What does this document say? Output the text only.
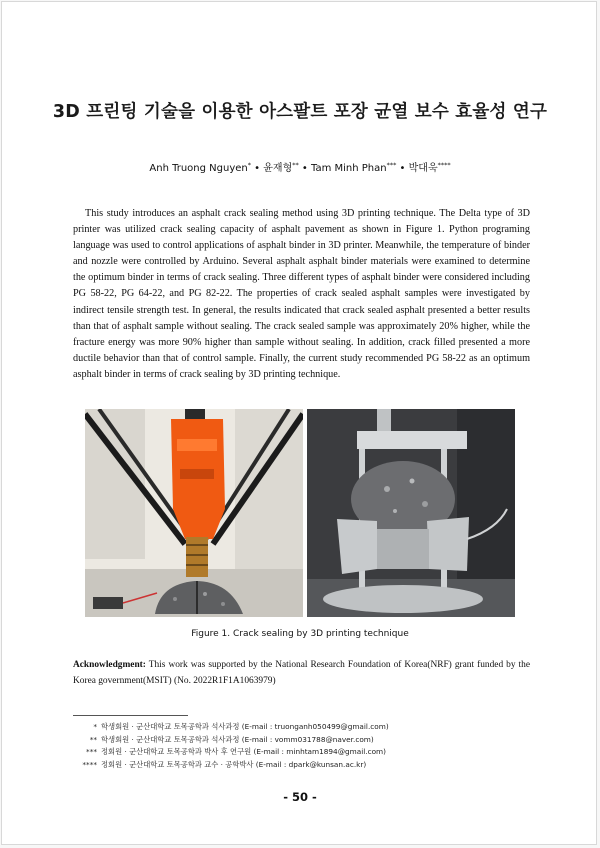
3D 프린팅 기술을 이용한 아스팔트 포장 균열 보수 효율성 연구
Anh Truong Nguyen* • 윤재형** • Tam Minh Phan*** • 박대욱****

This study introduces an asphalt crack sealing method using 3D printing technique. The Delta type of 3D printer was utilized crack sealing capacity of asphalt pavement as shown in Figure 1. Python programing language was used to control applications of asphalt binder in 3D printer. Meanwhile, the temperature of binder and nozzle were controlled by Arduino. Several asphalt asphalt binder materials were examined to determine the optimum binder in terms of crack sealing. Three different types of asphalt binder were considered including PG 58-22, PG 64-22, and PG 82-22. The properties of crack sealed asphalt samples were investigated by indirect tensile strength test. In general, the results indicated that crack sealed asphalt presented a better results than that of asphalt sample without sealing. The crack sealed sample was approximately 20% higher, while the fracture energy was more 90% higher than sample without sealing. In addition, crack filled presented a more ductile behavior than that of control sample. Finally, the current study recommended PG 58-22 as an optimum asphalt binder in terms of crack sealing by 3D printing technique.

Figure 1. Crack sealing by 3D printing technique

Acknowledgment: This work was supported by the National Research Foundation of Korea(NRF) grant funded by the Korea government(MSIT) (No. 2022R1F1A1063979)

* 학생회원 · 군산대학교 토목공학과 석사과정 (E-mail : truonganh050499@gmail.com)
** 학생회원 · 군산대학교 토목공학과 석사과정 (E-mail : vomm031788@naver.com)
*** 정회원 · 군산대학교 토목공학과 박사 후 연구원 (E-mail : minhtam1894@gmail.com)
**** 정회원 · 군산대학교 토목공학과 교수 · 공학박사 (E-mail : dpark@kunsan.ac.kr)
- 50 -
